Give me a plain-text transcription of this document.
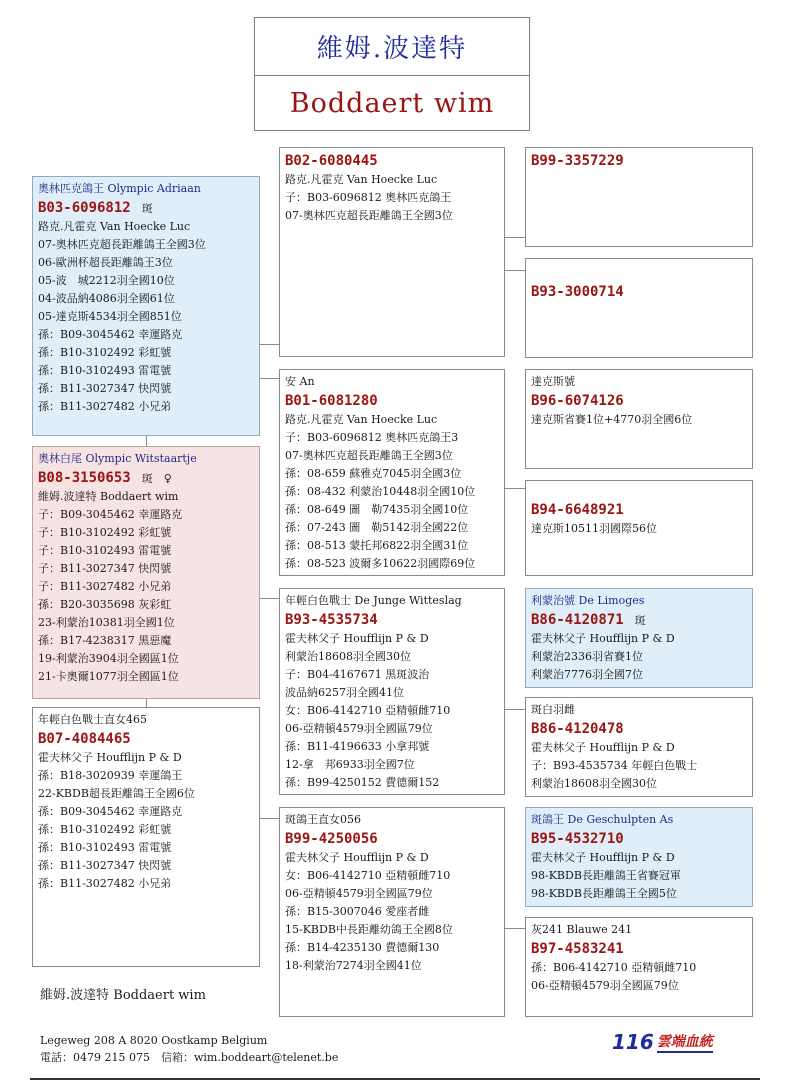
維姆.波達特
Boddaert wim
奧林匹克鴿王 Olympic Adriaan
B03-6096812　 斑
路克.凡霍克 Van Hoecke Luc
07-奧林匹克超長距離鴿王全國3位
06-歐洲杯超長距離鴿王3位
05-波　城2212羽全國10位
04-波品納4086羽全國61位
05-達克斯4534羽全國851位
孫：B09-3045462 幸運路克
孫：B10-3102492 彩虹號
孫：B10-3102493 雷電號
孫：B11-3027347 快閃號
孫：B11-3027482 小兄弟
奧林白尾 Olympic Witstaartje
B08-3150653　 斑　♀
維姆.波達特 Boddaert wim
子：B09-3045462 幸運路克
子：B10-3102492 彩虹號
子：B10-3102493 雷電號
子：B11-3027347 快閃號
子：B11-3027482 小兄弟
孫：B20-3035698 灰彩虹
23-利蒙治10381羽全國1位
孫：B17-4238317 黑惡魔
19-利蒙治3904羽全國區1位
21-卡奧爾1077羽全國區1位
年輕白色戰士直女465
B07-4084465
霍夫林父子 Houfflijn P & D
孫：B18-3020939 幸運鴿王
22-KBDB超長距離鴿王全國6位
孫：B09-3045462 幸運路克
孫：B10-3102492 彩虹號
孫：B10-3102493 雷電號
孫：B11-3027347 快閃號
孫：B11-3027482 小兄弟
B02-6080445
路克.凡霍克 Van Hoecke Luc
子：B03-6096812 奧林匹克鴿王
07-奧林匹克超長距離鴿王全國3位
安 An
B01-6081280
路克.凡霍克 Van Hoecke Luc
子：B03-6096812 奧林匹克鴿王3
07-奧林匹克超長距離鴿王全國3位
孫：08-659 蘇雅克7045羽全國3位
孫：08-432 利蒙治10448羽全國10位
孫：08-649 圖　勒7435羽全國10位
孫：07-243 圖　勒5142羽全國22位
孫：08-513 蒙托邦6822羽全國31位
孫：08-523 波爾多10622羽國際69位
年輕白色戰士 De Junge Witteslag
B93-4535734
霍夫林父子 Houfflijn P & D
利蒙治18608羽全國30位
子：B04-4167671 黑斑波治
波品納6257羽全國41位
女：B06-4142710 亞精頓雌710
06-亞精頓4579羽全國區79位
孫：B11-4196633 小拿邦號
12-拿　邦6933羽全國7位
孫：B99-4250152 費德爾152
斑鴿王直女056
B99-4250056
霍夫林父子 Houfflijn P & D
女：B06-4142710 亞精頓雌710
06-亞精頓4579羽全國區79位
孫：B15-3007046 愛座者雌
15-KBDB中長距離幼鴿王全國8位
孫：B14-4235130 費德爾130
18-利蒙治7274羽全國41位
B99-3357229
B93-3000714
達克斯號
B96-6074126
達克斯省賽1位+4770羽全國6位
B94-6648921
達克斯10511羽國際56位
利蒙治號 De Limoges
B86-4120871　 斑
霍夫林父子 Houfflijn P & D
利蒙治2336羽省賽1位
利蒙治7776羽全國7位
斑白羽雌
B86-4120478
霍夫林父子 Houfflijn P & D
子：B93-4535734 年輕白色戰士
利蒙治18608羽全國30位
斑鴿王 De Geschulpten As
B95-4532710
霍夫林父子 Houfflijn P & D
98-KBDB長距離鴿王省賽冠軍
98-KBDB長距離鴿王全國5位
灰241 Blauwe 241
B97-4583241
孫：B06-4142710 亞精頓雌710
06-亞精頓4579羽全國區79位
維姆.波達特 Boddaert wim
Legeweg 208 A 8020 Oostkamp Belgium
電話：0479 215 075　信箱：wim.boddeart@telenet.be
116 雲端血統
